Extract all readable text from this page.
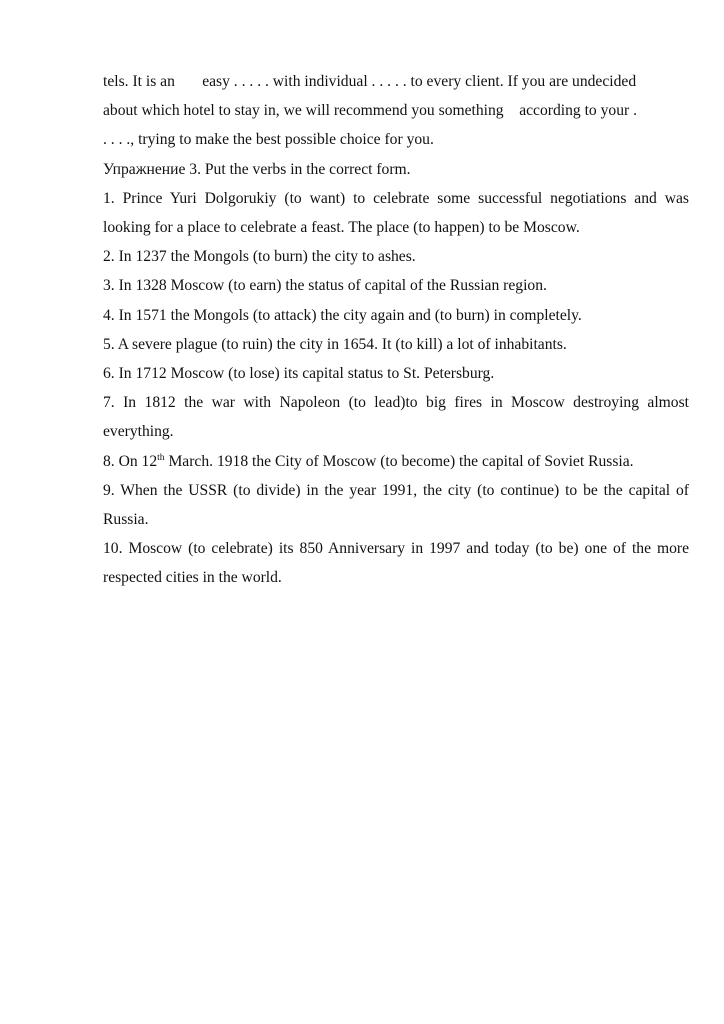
tels. It is an easy . . . . . with individual . . . . . to every client. If you are undecided
about which hotel to stay in, we will recommend you something according to your .
. . . ., trying to make the best possible choice for you.

Упражнение 3. Put the verbs in the correct form.

1. Prince Yuri Dolgorukiy (to want) to celebrate some successful negotiations and was looking for a place to celebrate a feast. The place (to happen) to be Moscow.

2. In 1237 the Mongols (to burn) the city to ashes.

3. In 1328 Moscow (to earn) the status of capital of the Russian region.

4. In 1571 the Mongols (to attack) the city again and (to burn) in completely.

5. A severe plague (to ruin) the city in 1654. It (to kill) a lot of inhabitants.

6. In 1712 Moscow (to lose) its capital status to St. Petersburg.

7. In 1812 the war with Napoleon (to lead)to big fires in Moscow destroying almost everything.

8. On 12th March. 1918 the City of Moscow (to become) the capital of Soviet Russia.

9. When the USSR (to divide) in the year 1991, the city (to continue) to be the capital of Russia.

10. Moscow (to celebrate) its 850 Anniversary in 1997 and today (to be) one of the more respected cities in the world.
